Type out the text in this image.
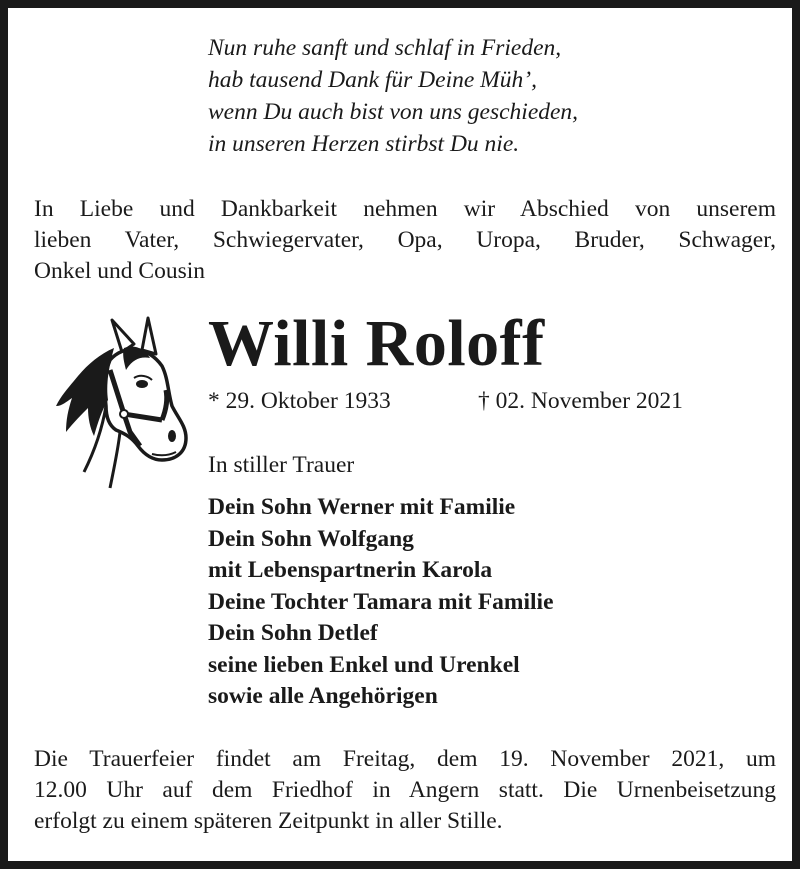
Nun ruhe sanft und schlaf in Frieden,
hab tausend Dank für Deine Müh’,
wenn Du auch bist von uns geschieden,
in unseren Herzen stirbst Du nie.
In Liebe und Dankbarkeit nehmen wir Abschied von unserem
lieben Vater, Schwiegervater, Opa, Uropa, Bruder, Schwager,
Onkel und Cousin
Willi Roloff
* 29. Oktober 1933	† 02. November 2021
In stiller Trauer
Dein Sohn Werner mit Familie
Dein Sohn Wolfgang
mit Lebenspartnerin Karola
Deine Tochter Tamara mit Familie
Dein Sohn Detlef
seine lieben Enkel und Urenkel
sowie alle Angehörigen
Die Trauerfeier findet am Freitag, dem 19. November 2021, um
12.00 Uhr auf dem Friedhof in Angern statt. Die Urnenbeisetzung
erfolgt zu einem späteren Zeitpunkt in aller Stille.
